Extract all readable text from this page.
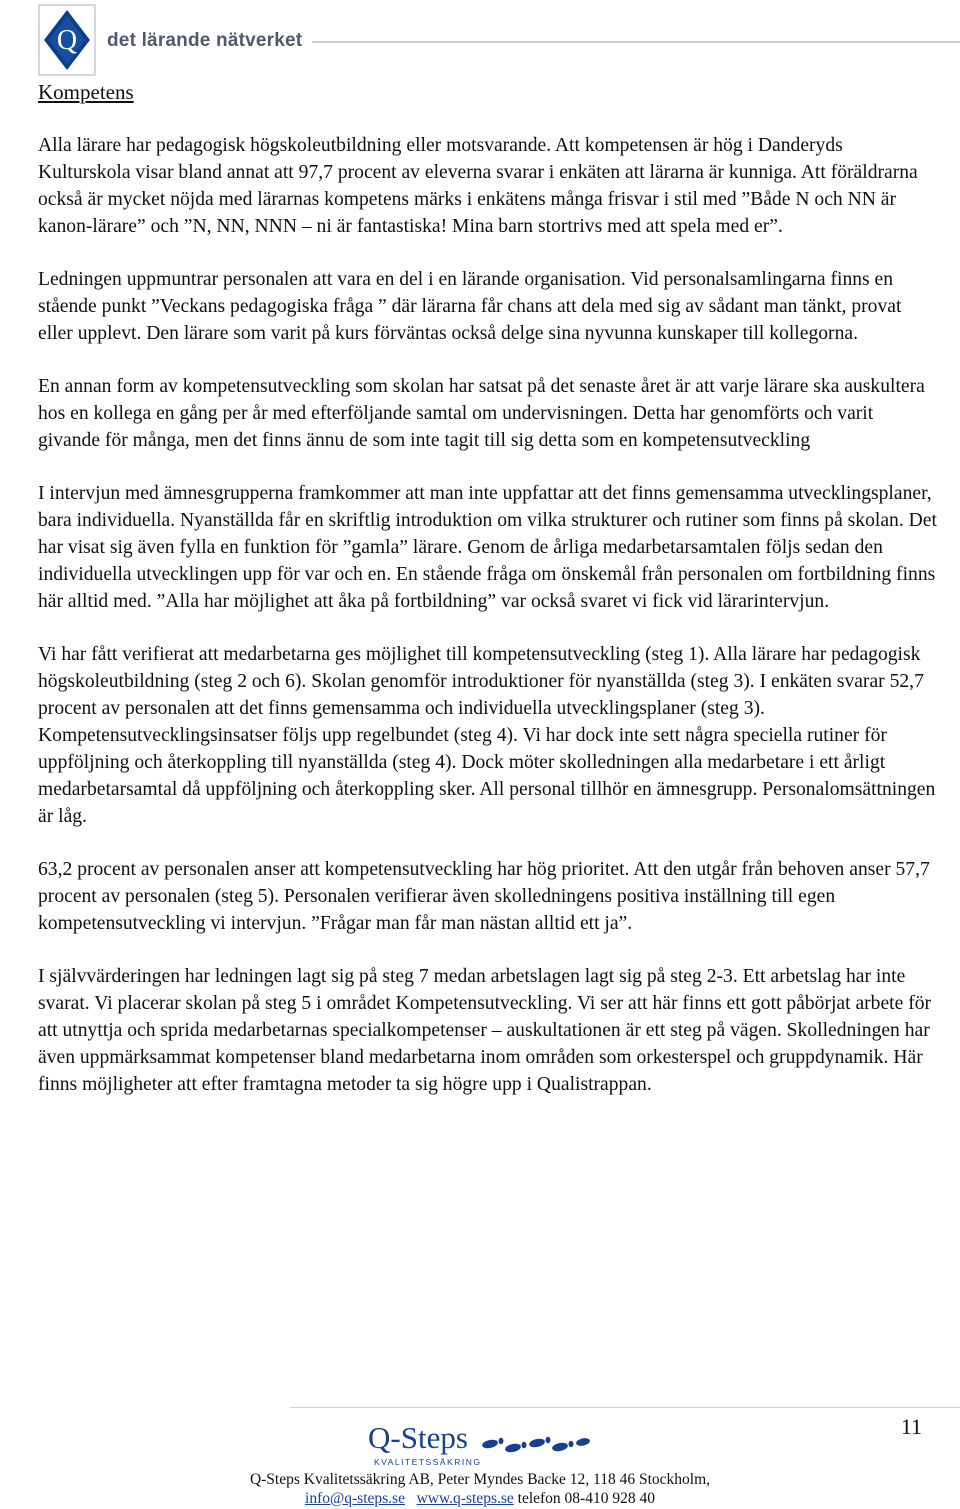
Q det lärande nätverket
Kompetens

Alla lärare har pedagogisk högskoleutbildning eller motsvarande. Att kompetensen är hög i Danderyds Kulturskola visar bland annat att 97,7 procent av eleverna svarar i enkäten att lärarna är kunniga. Att föräldrarna också är mycket nöjda med lärarnas kompetens märks i enkätens många frisvar i stil med ”Både N och NN är kanon-lärare” och ”N, NN, NNN – ni är fantastiska! Mina barn stortrivs med att spela med er”.

Ledningen uppmuntrar personalen att vara en del i en lärande organisation. Vid personalsamlingarna finns en stående punkt ”Veckans pedagogiska fråga ” där lärarna får chans att dela med sig av sådant man tänkt, provat eller upplevt. Den lärare som varit på kurs förväntas också delge sina nyvunna kunskaper till kollegorna.

En annan form av kompetensutveckling som skolan har satsat på det senaste året är att varje lärare ska auskultera hos en kollega en gång per år med efterföljande samtal om undervisningen. Detta har genomförts och varit givande för många, men det finns ännu de som inte tagit till sig detta som en kompetensutveckling

I intervjun med ämnesgrupperna framkommer att man inte uppfattar att det finns gemensamma utvecklingsplaner, bara individuella. Nyanställda får en skriftlig introduktion om vilka strukturer och rutiner som finns på skolan. Det har visat sig även fylla en funktion för ”gamla” lärare. Genom de årliga medarbetarsamtalen följs sedan den individuella utvecklingen upp för var och en. En stående fråga om önskemål från personalen om fortbildning finns här alltid med. ”Alla har möjlighet att åka på fortbildning” var också svaret vi fick vid lärarintervjun.

Vi har fått verifierat att medarbetarna ges möjlighet till kompetensutveckling (steg 1). Alla lärare har pedagogisk högskoleutbildning (steg 2 och 6). Skolan genomför introduktioner för nyanställda (steg 3). I enkäten svarar 52,7 procent av personalen att det finns gemensamma och individuella utvecklingsplaner (steg 3). Kompetensutvecklingsinsatser följs upp regelbundet (steg 4). Vi har dock inte sett några speciella rutiner för uppföljning och återkoppling till nyanställda (steg 4). Dock möter skolledningen alla medarbetare i ett årligt medarbetarsamtal då uppföljning och återkoppling sker. All personal tillhör en ämnesgrupp. Personalomsättningen är låg.

63,2 procent av personalen anser att kompetensutveckling har hög prioritet. Att den utgår från behoven anser 57,7 procent av personalen (steg 5). Personalen verifierar även skolledningens positiva inställning till egen kompetensutveckling vi intervjun. ”Frågar man får man nästan alltid ett ja”.

I självvärderingen har ledningen lagt sig på steg 7 medan arbetslagen lagt sig på steg 2-3. Ett arbetslag har inte svarat. Vi placerar skolan på steg 5 i området Kompetensutveckling. Vi ser att här finns ett gott påbörjat arbete för att utnyttja och sprida medarbetarnas specialkompetenser – auskultationen är ett steg på vägen. Skolledningen har även uppmärksammat kompetenser bland medarbetarna inom områden som orkesterspel och gruppdynamik. Här finns möjligheter att efter framtagna metoder ta sig högre upp i Qualistrappan.

11
Q-Steps
KVALITETSSÄKRING
Q-Steps Kvalitetssäkring AB, Peter Myndes Backe 12, 118 46 Stockholm,
info@q-steps.se www.q-steps.se telefon 08-410 928 40
